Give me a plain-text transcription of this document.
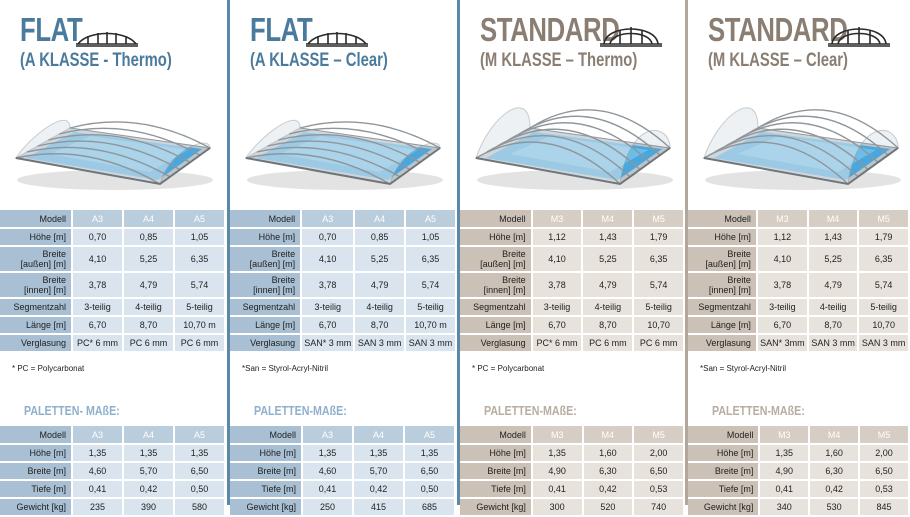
FLAT
(A KLASSE - Thermo)
Modell	A3	A4	A5
Höhe [m]	0,70	0,85	1,05

Breite
[außen] [m]	4,10	5,25	6,35

Breite
[innen] [m]	3,78	4,79	5,74
Segmentzahl	3-teilig	4-teilig	5-teilig
Länge [m]	6,70	8,70	10,70 m
Verglasung	PC* 6 mm	PC 6 mm	PC 6 mm
* PC = Polycarbonat
PALETTEN- MAßE:
Modell	A3	A4	A5
Höhe [m]	1,35	1,35	1,35
Breite [m]	4,60	5,70	6,50
Tiefe [m]	0,41	0,42	0,50
Gewicht [kg]	235	390	580
FLAT
(A KLASSE – Clear)
Modell	A3	A4	A5
Höhe [m]	0,70	0,85	1,05

Breite
[außen] [m]	4,10	5,25	6,35

Breite
[innen] [m]	3,78	4,79	5,74
Segmentzahl	3-teilig	4-teilig	5-teilig
Länge [m]	6,70	8,70	10,70 m
Verglasung	SAN* 3 mm	SAN 3 mm	SAN 3 mm
*San = Styrol-Acryl-Nitril
PALETTEN-MAßE:
Modell	A3	A4	A5
Höhe [m]	1,35	1,35	1,35
Breite [m]	4,60	5,70	6,50
Tiefe [m]	0,41	0,42	0,50
Gewicht [kg]	250	415	685
STANDARD
(M KLASSE – Thermo)
Modell	M3	M4	M5
Höhe [m]	1,12	1,43	1,79

Breite
[außen] [m]	4,10	5,25	6,35

Breite
[innen] [m]	3,78	4,79	5,74
Segmentzahl	3-teilig	4-teilig	5-teilig
Länge [m]	6,70	8,70	10,70
Verglasung	PC* 6 mm	PC 6 mm	PC 6 mm
* PC = Polycarbonat
PALETTEN-MAßE:
Modell	M3	M4	M5
Höhe [m]	1,35	1,60	2,00
Breite [m]	4,90	6,30	6,50
Tiefe [m]	0,41	0,42	0,53
Gewicht [kg]	300	520	740
STANDARD
(M KLASSE – Clear)
Modell	M3	M4	M5
Höhe [m]	1,12	1,43	1,79

Breite
[außen] [m]	4,10	5,25	6,35

Breite
[innen] [m]	3,78	4,79	5,74
Segmentzahl	3-teilig	4-teilig	5-teilig
Länge [m]	6,70	8,70	10,70
Verglasung	SAN* 3mm	SAN 3 mm	SAN 3 mm
*San = Styrol-Acryl-Nitril
PALETTEN-MAßE:
Modell	M3	M4	M5
Höhe [m]	1,35	1,60	2,00
Breite [m]	4,90	6,30	6,50
Tiefe [m]	0,41	0,42	0,53
Gewicht [kg]	340	530	845
